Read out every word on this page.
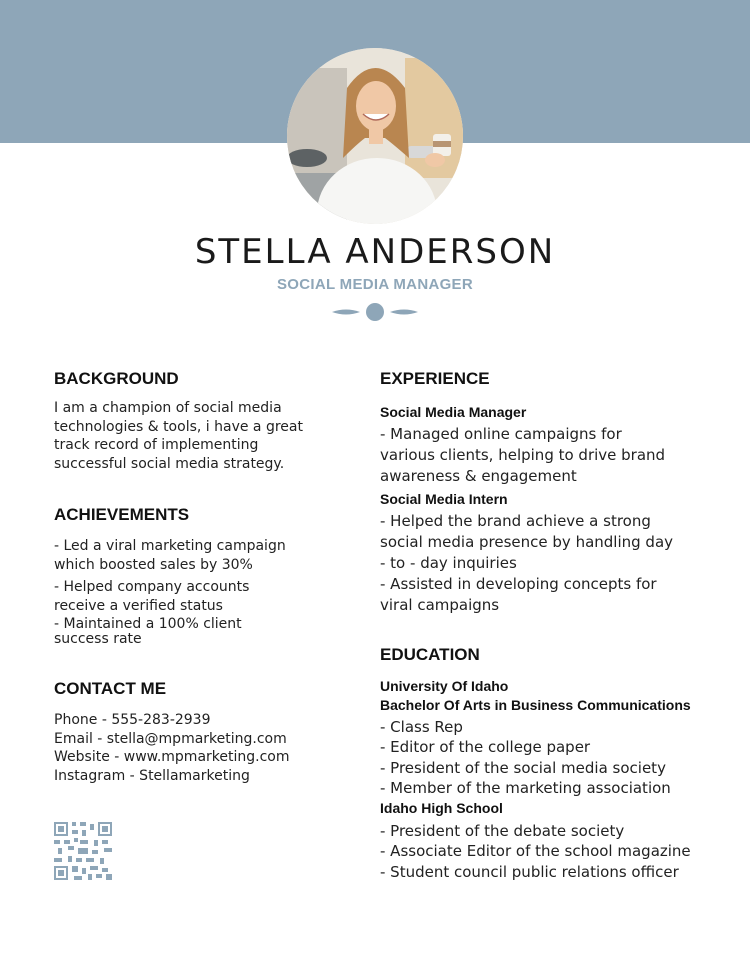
STELLA ANDERSON
SOCIAL MEDIA MANAGER
BACKGROUND
I am a champion of social media
technologies & tools, i have a great
track record of implementing
successful social media strategy.
ACHIEVEMENTS
- Led a viral marketing campaign
which boosted sales by 30%
- Helped company accounts
receive a verified status
- Maintained a 100% client
success rate
CONTACT ME
Phone - 555-283-2939
Email - stella@mpmarketing.com
Website - www.mpmarketing.com
Instagram - Stellamarketing
EXPERIENCE
Social Media Manager
- Managed online campaigns for
various clients, helping to drive brand
awareness & engagement
Social Media Intern
- Helped the brand achieve a strong
social media presence by handling day
- to - day inquiries
- Assisted in developing concepts for
viral campaigns
EDUCATION
University Of Idaho
Bachelor Of Arts in Business Communications
- Class Rep
- Editor of the college paper
- President of the social media society
- Member of the marketing association
Idaho High School
- President of the debate society
- Associate Editor of the school magazine
- Student council public relations officer
